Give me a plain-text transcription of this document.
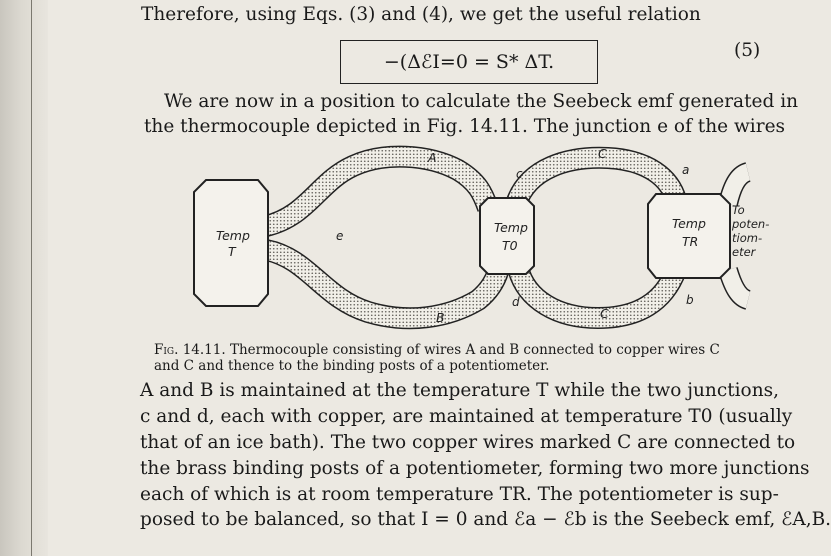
Therefore, using Eqs. (3) and (4), we get the useful relation
−(ΔℰI=0 = S* ΔT.
(5)
We are now in a position to calculate the Seebeck emf generated in
the thermocouple depicted in Fig. 14.11. The junction e of the wires
Temp
T
Temp
T0
Temp
TR
A
B
C
C
e
c
d
a
b
To
poten-
tiom-
eter
Fig. 14.11. Thermocouple consisting of wires A and B connected to copper wires C
and C and thence to the binding posts of a potentiometer.
A and B is maintained at the temperature T while the two junctions,
c and d, each with copper, are maintained at temperature T0 (usually
that of an ice bath). The two copper wires marked C are connected to
the brass binding posts of a potentiometer, forming two more junctions
each of which is at room temperature TR. The potentiometer is sup-
posed to be balanced, so that I = 0 and ℰa − ℰb is the Seebeck emf, ℰA,B.
